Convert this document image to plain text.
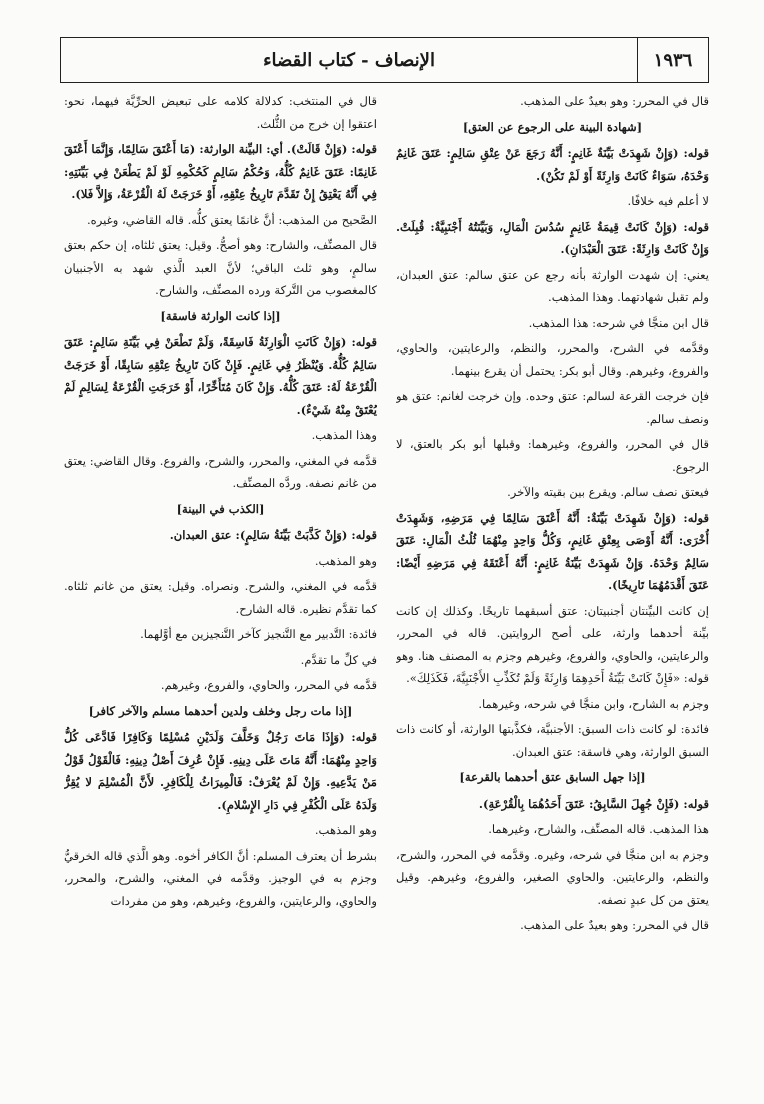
الإنصاف - كتاب القضاء	١٩٣٦
قال في المحرر: وهو بعيدٌ على المذهب.
[شهادة البينة على الرجوع عن العتق]
قوله: (وَإِنْ شَهِدَتْ بَيِّنَةٌ غَانِمٍ: أَنَّهُ رَجَعَ عَنْ عِتْقِ سَالِمٍ: عَتَقَ غَانِمٌ وَحْدَهُ، سَوَاءٌ كَانَتْ وَارِثَةً أَوْ لَمْ تَكُنْ).
لا أعلم فيه خلافًا.
قوله: (وَإِنْ كَانَتْ قِيمَةُ غَانِمٍ سُدُسَ الْمَالِ، وَبَيِّنَتُهُ أَجْنَبِيَّةٌ: قُبِلَتْ. وَإِنْ كَانَتْ وَارِثَةً: عَتَقَ الْعَبْدَانِ).
يعني: إن شهدت الوارثة بأنه رجع عن عتق سالم: عتق العبدان، ولم تقبل شهادتهما. وهذا المذهب.
قال ابن منجَّا في شرحه: هذا المذهب.
وقدَّمه في الشرح، والمحرر، والنظم، والرعايتين، والحاوي، والفروع، وغيرهم. وقال أبو بكر: يحتمل أن يقرع بينهما.
فإن خرجت القرعة لسالم: عتق وحده. وإن خرجت لغانم: عتق هو ونصف سالم.
قال في المحرر، والفروع، وغيرهما: وقبلها أبو بكر بالعتق، لا الرجوع.
فيعتق نصف سالم. ويقرع بين بقيته والآخر.
قوله: (وَإِنْ شَهِدَتْ بَيِّنَةٌ: أَنَّهُ أَعْتَقَ سَالِمًا فِي مَرَضِهِ، وَشَهِدَتْ أُخْرَى: أَنَّهُ أَوْصَى بِعِتْقِ غَانِمٍ، وَكُلُّ وَاحِدٍ مِنْهُمَا ثُلُثُ الْمَالِ: عَتَقَ سَالِمٌ وَحْدَهُ. وَإِنْ شَهِدَتْ بَيِّنَةُ غَانِمٍ: أَنَّهُ أَعْتَقَهُ فِي مَرَضِهِ أَيْضًا: عَتَقَ أَقْدَمُهُمَا تَارِيخًا).
إن كانت البيِّنتان أجنبيتان: عتق أسبقهما تاريخًا. وكذلك إن كانت بيِّنة أحدهما وارثة، على أصح الروايتين. قاله في المحرر، والرعايتين، والحاوي، والفروع، وغيرهم وجزم به المصنف هنا. وهو قوله: «فَإِنْ كَانَتْ بَيِّنَةُ أَحَدِهِمَا وَارِثَةً وَلَمْ تُكَذِّبِ الأَجْنَبِيَّةَ، فَكَذَلِكَ».
وجزم به الشارح، وابن منجَّا في شرحه، وغيرهما.
فائدة: لو كانت ذات السبق: الأجنبيَّة، فكذَّبتها الوارثة، أو كانت ذات السبق الوارثة، وهي فاسقة: عتق العبدان.
[إذا جهل السابق عتق أحدهما بالقرعة]
قوله: (فَإِنْ جُهِلَ السَّابِقُ: عَتَقَ أَحَدُهُمَا بِالْقُرْعَةِ).
هذا المذهب. قاله المصنِّف، والشارح، وغيرهما.
وجزم به ابن منجَّا في شرحه، وغيره. وقدَّمه في المحرر، والشرح، والنظم، والرعايتين. والحاوي الصغير، والفروع، وغيرهم. وقيل يعتق من كل عبدٍ نصفه.
قال في المحرر: وهو بعيدٌ على المذهب.
قال في المنتخب: كدلالة كلامه على تبعيض الحرِّيَّة فيهما، نحو: اعتقوا إن خرج من الثُّلث.
قوله: (وَإِنْ قَالَتْ). أي: البيِّنة الوارثة: (مَا أَعْتَقَ سَالِمًا، وَإِنَّمَا أَعْتَقَ غَانِمًا: عَتَقَ غَانِمٌ كُلُّهُ، وَحُكْمُ سَالِمٍ كَحُكْمِهِ لَوْ لَمْ يَطْعَنْ فِي بَيِّنَتِهِ: فِي أَنَّهُ يَعْتِقُ إِنْ تَقَدَّمَ تَارِيخُ عِتْقِهِ، أَوْ خَرَجَتْ لَهُ الْقُرْعَةُ، وَإِلاَّ فَلا).
الصَّحيح من المذهب: أنَّ غانمًا يعتق كلُّه. قاله القاضي، وغيره.
قال المصنِّف، والشارح: وهو أصحُّ. وقيل: يعتق ثلثاه، إن حكم بعتق سالمٍ، وهو ثلث الباقي؛ لأنَّ العبد الَّذي شهد به الأجنبيان كالمغصوب من التَّركة ورده المصنِّف، والشارح.
[إذا كانت الوارثة فاسقة]
قوله: (وَإِنْ كَانَتِ الْوَارِثَةُ فَاسِقَةً، وَلَمْ تَطْعَنْ فِي بَيِّنَةِ سَالِمٍ: عَتَقَ سَالِمٌ كُلُّهُ. وَيُنْظَرُ فِي غَانِمٍ. فَإِنْ كَانَ تَارِيخُ عِتْقِهِ سَابِقًا، أَوْ خَرَجَتْ الْقُرْعَةُ لَهُ: عَتَقَ كُلُّهُ. وَإِنْ كَانَ مُتَأَخِّرًا، أَوْ خَرَجَتِ الْقُرْعَةُ لِسَالِمٍ لَمْ يُعْتَقْ مِنْهُ شَيْءٌ).
وهذا المذهب.
قدَّمه في المغني، والمحرر، والشرح، والفروع. وقال القاضي: يعتق من غانم نصفه. وردَّه المصنِّف.
[الكذب في البينة]
قوله: (وَإِنْ كَذَّبَتْ بَيِّنَةُ سَالِمٍ): عتق العبدان.
وهو المذهب.
قدَّمه في المغني، والشرح. ونصراه. وقيل: يعتق من غانم ثلثاه. كما تقدَّم نظيره. قاله الشارح.
فائدة: التَّدبير مع التَّنجيز كآخر التَّنجيزين مع أوَّلهما.
في كلِّ ما تقدَّم.
قدَّمه في المحرر، والحاوي، والفروع، وغيرهم.
[إذا مات رجل وخلف ولدين أحدهما مسلم والآخر كافر]
قوله: (وَإِذَا مَاتَ رَجُلٌ وَخَلَّفَ وَلَدَيْنِ مُسْلِمًا وَكَافِرًا فَادَّعَى كُلُّ وَاحِدٍ مِنْهُمَا: أَنَّهُ مَاتَ عَلَى دِينِهِ. فَإِنْ عُرِفَ أَصْلُ دِينِهِ: فَالْقَوْلُ قَوْلُ مَنْ يَدَّعِيهِ. وَإِنْ لَمْ يُعْرَفْ: فَالْمِيرَاثُ لِلْكَافِرِ. لأَنَّ الْمُسْلِمَ لا يُقِرُّ وَلَدَهُ عَلَى الْكُفْرِ فِي دَارِ الإِسْلامِ).
وهو المذهب.
بشرط أن يعترف المسلم: أنَّ الكافر أخوه. وهو الَّذي قاله الخرقيُّ وجزم به في الوجيز. وقدَّمه في المغني، والشرح، والمحرر، والحاوي، والرعايتين، والفروع، وغيرهم، وهو من مفردات
